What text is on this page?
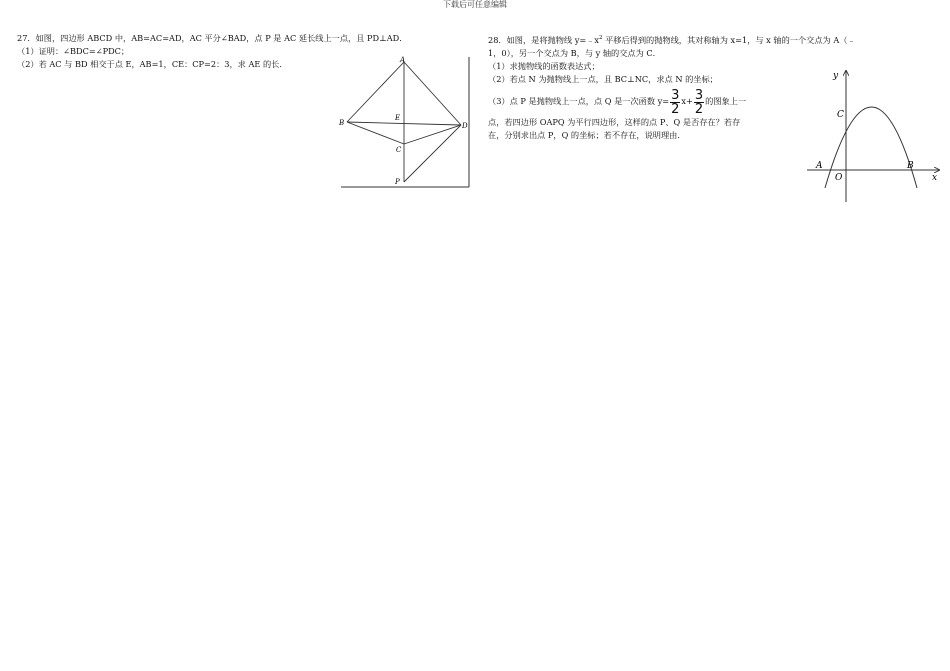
下载后可任意编辑

27．如图，四边形 ABCD 中，AB=AC=AD，AC 平分∠BAD，点 P 是 AC 延长线上一点，且 PD⊥AD．

（1）证明：∠BDC=∠PDC；

（2）若 AC 与 BD 相交于点 E，AB=1，CE：CP=2：3，求 AE 的长．	A
B
E
D
C
P

28．如图，是将抛物线 $y=﹣x^2$ 平移后得到的抛物线，其对称轴为 x=1，与 x 轴的一个交点为 A（﹣

1，0），另一个交点为 B，与 y 轴的交点为 C．

（1）求抛物线的函数表达式；

（2）若点 N 为抛物线上一点，且 BC⊥NC，求点 N 的坐标；

（3）点 P 是抛物线上一点，点 Q 是一次函数 $y= \frac{3}{2} x+ \frac{3}{2}$ 的图象上一

点，若四边形 OAPQ 为平行四边形，这样的点 P、Q 是否存在？若存

在，分别求出点 P，Q 的坐标；若不存在，说明理由．

y
x
C
A
O
B
